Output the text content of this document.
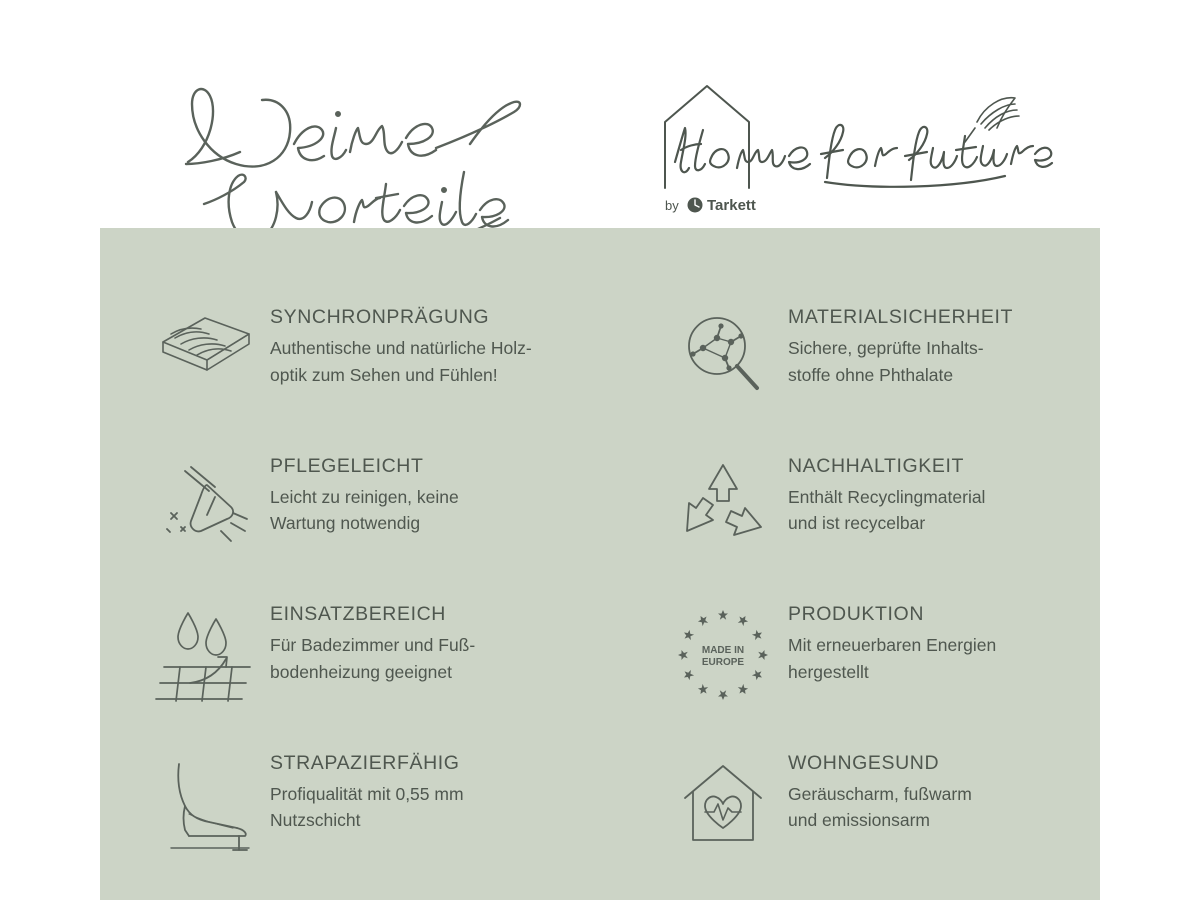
by Tarkett

SYNCHRONPRÄGUNG

Authentische und natürliche Holz-
optik zum Sehen und Fühlen!

MATERIALSICHERHEIT

Sichere, geprüfte Inhalts-
stoffe ohne Phthalate

PFLEGELEICHT

Leicht zu reinigen, keine
Wartung notwendig

NACHHALTIGKEIT

Enthält Recyclingmaterial
und ist recycelbar

EINSATZBEREICH

Für Badezimmer und Fuß-
bodenheizung geeignet

MADE IN
EUROPE

PRODUKTION

Mit erneuerbaren Energien
hergestellt

STRAPAZIERFÄHIG

Profiqualität mit 0,55 mm
Nutzschicht

WOHNGESUND

Geräuscharm, fußwarm
und emissionsarm
